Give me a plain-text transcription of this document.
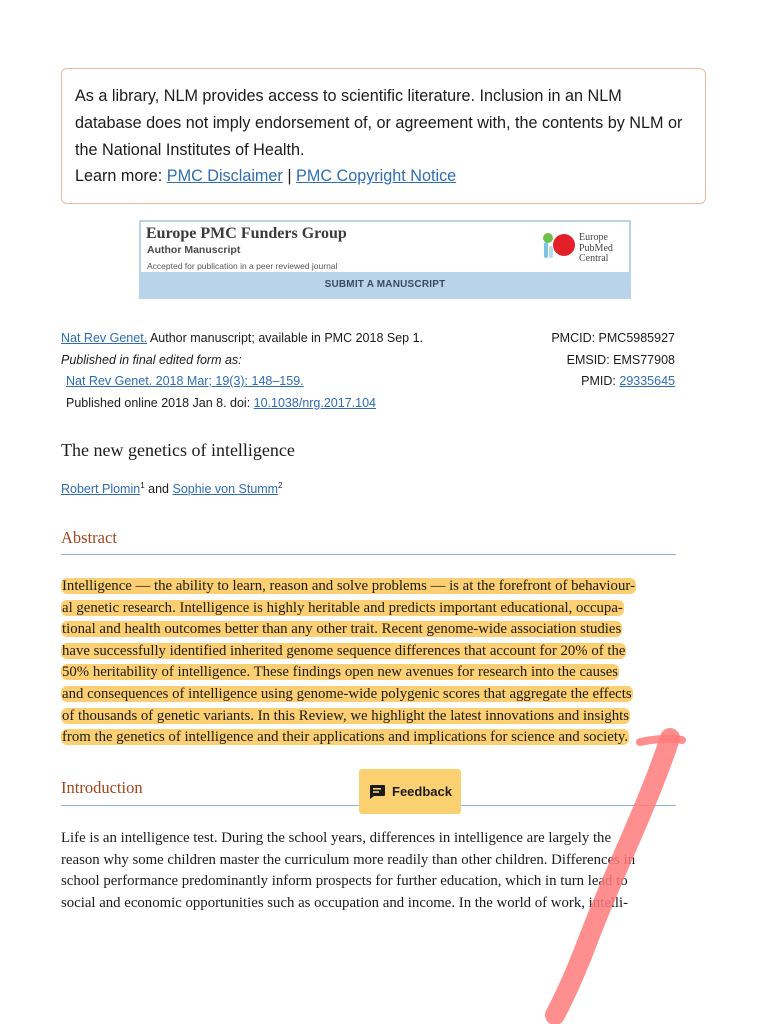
As a library, NLM provides access to scientific literature. Inclusion in an NLM database does not imply endorsement of, or agreement with, the contents by NLM or the National Institutes of Health.
Learn more: PMC Disclaimer | PMC Copyright Notice
Europe PMC Funders Group
Author Manuscript
Accepted for publication in a peer reviewed journal
Europe
PubMed
Central
SUBMIT A MANUSCRIPT
Nat Rev Genet. Author manuscript; available in PMC 2018 Sep 1.
Published in final edited form as:
Nat Rev Genet. 2018 Mar; 19(3): 148–159.
Published online 2018 Jan 8. doi: 10.1038/nrg.2017.104
PMCID: PMC5985927
EMSID: EMS77908
PMID: 29335645
The new genetics of intelligence
Robert Plomin$^1$ and Sophie von Stumm$^2$
Abstract
Intelligence — the ability to learn, reason and solve problems — is at the forefront of behaviour-
al genetic research. Intelligence is highly heritable and predicts important educational, occupa-
tional and health outcomes better than any other trait. Recent genome-wide association studies
have successfully identified inherited genome sequence differences that account for 20% of the
50% heritability of intelligence. These findings open new avenues for research into the causes
and consequences of intelligence using genome-wide polygenic scores that aggregate the effects
of thousands of genetic variants. In this Review, we highlight the latest innovations and insights
from the genetics of intelligence and their applications and implications for science and society.
Introduction
Life is an intelligence test. During the school years, differences in intelligence are largely the
reason why some children master the curriculum more readily than other children. Differences in
school performance predominantly inform prospects for further education, which in turn lead to
social and economic opportunities such as occupation and income. In the world of work, intelli-
Feedback
